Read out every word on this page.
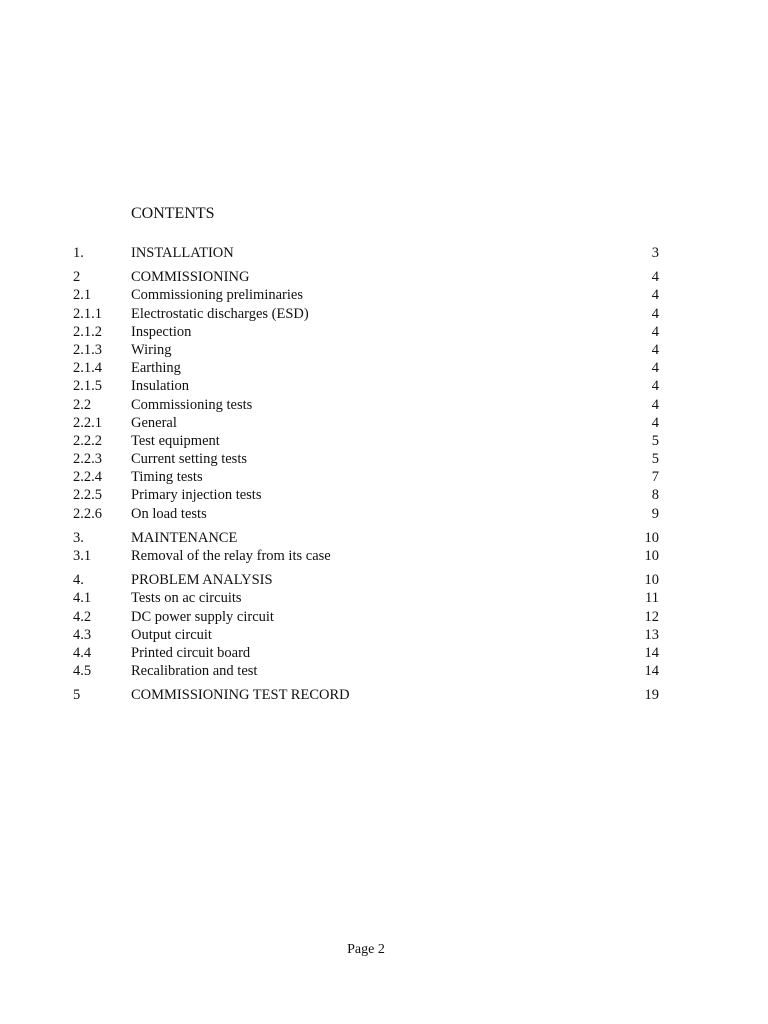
CONTENTS
1.	INSTALLATION	3
2	COMMISSIONING	4
2.1	Commissioning preliminaries	4
2.1.1	Electrostatic discharges (ESD)	4
2.1.2	Inspection	4
2.1.3	Wiring	4
2.1.4	Earthing	4
2.1.5	Insulation	4
2.2	Commissioning tests	4
2.2.1	General	4
2.2.2	Test equipment	5
2.2.3	Current setting tests	5
2.2.4	Timing tests	7
2.2.5	Primary injection tests	8
2.2.6	On load tests	9
3.	MAINTENANCE	10
3.1	Removal of the relay from its case	10
4.	PROBLEM ANALYSIS	10
4.1	Tests on ac circuits	11
4.2	DC power supply circuit	12
4.3	Output circuit	13
4.4	Printed circuit board	14
4.5	Recalibration and test	14
5	COMMISSIONING TEST RECORD	19
Page 2
